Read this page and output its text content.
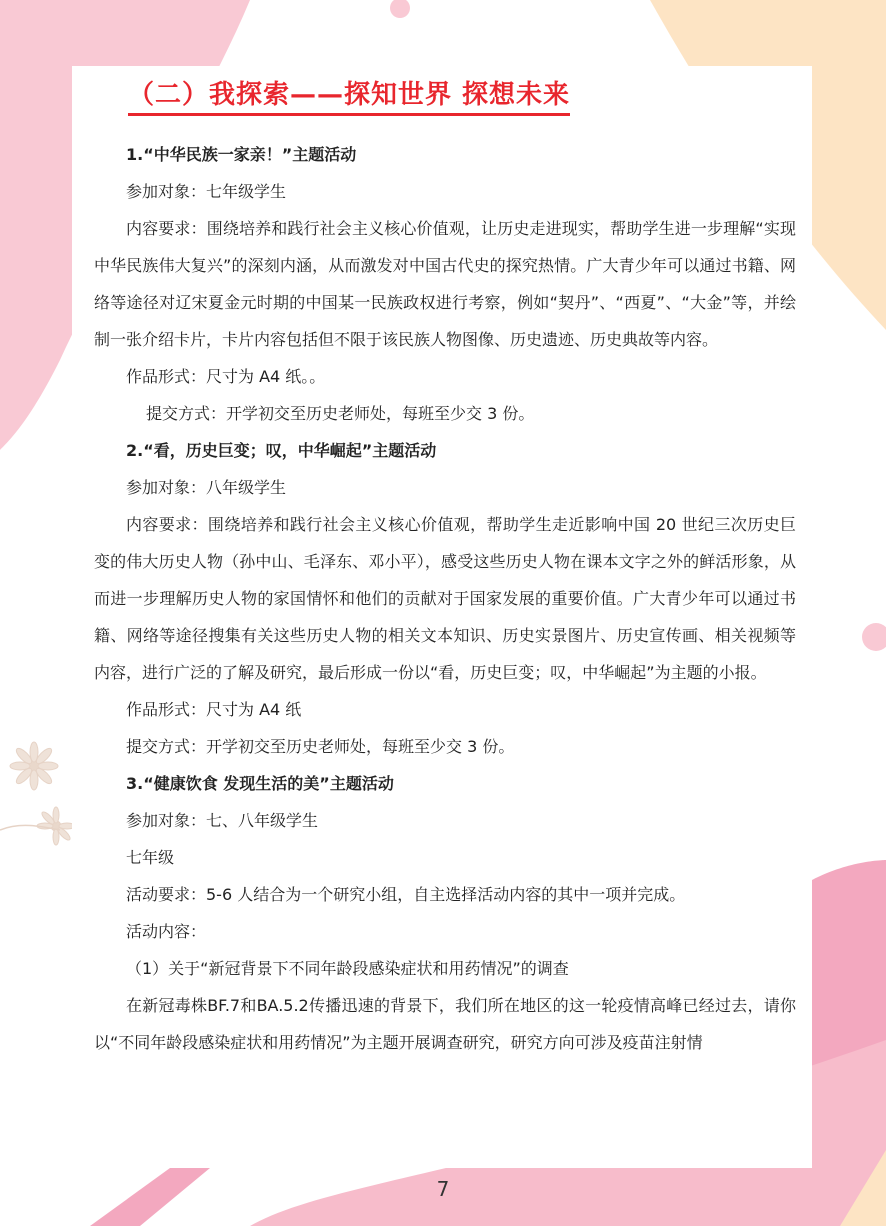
（二）我探索——探知世界 探想未来
1.“中华民族一家亲！”主题活动
参加对象：七年级学生
内容要求：围绕培养和践行社会主义核心价值观，让历史走进现实，帮助学生进一步理解“实现中华民族伟大复兴”的深刻内涵，从而激发对中国古代史的探究热情。广大青少年可以通过书籍、网络等途径对辽宋夏金元时期的中国某一民族政权进行考察，例如“契丹”、“西夏”、“大金”等，并绘制一张介绍卡片，卡片内容包括但不限于该民族人物图像、历史遗迹、历史典故等内容。
作品形式：尺寸为 A4 纸。。
提交方式：开学初交至历史老师处，每班至少交 3 份。
2.“看，历史巨变；叹，中华崛起”主题活动
参加对象：八年级学生
内容要求：围绕培养和践行社会主义核心价值观，帮助学生走近影响中国 20 世纪三次历史巨变的伟大历史人物（孙中山、毛泽东、邓小平），感受这些历史人物在课本文字之外的鲜活形象，从而进一步理解历史人物的家国情怀和他们的贡献对于国家发展的重要价值。广大青少年可以通过书籍、网络等途径搜集有关这些历史人物的相关文本知识、历史实景图片、历史宣传画、相关视频等内容，进行广泛的了解及研究，最后形成一份以“看，历史巨变；叹，中华崛起”为主题的小报。
作品形式：尺寸为 A4 纸
提交方式：开学初交至历史老师处，每班至少交 3 份。
3.“健康饮食 发现生活的美”主题活动
参加对象：七、八年级学生
七年级
活动要求：5-6 人结合为一个研究小组，自主选择活动内容的其中一项并完成。
活动内容：
（1）关于“新冠背景下不同年龄段感染症状和用药情况”的调查
在新冠毒株BF.7和BA.5.2传播迅速的背景下，我们所在地区的这一轮疫情高峰已经过去，请你以“不同年龄段感染症状和用药情况”为主题开展调查研究，研究方向可涉及疫苗注射情
7
